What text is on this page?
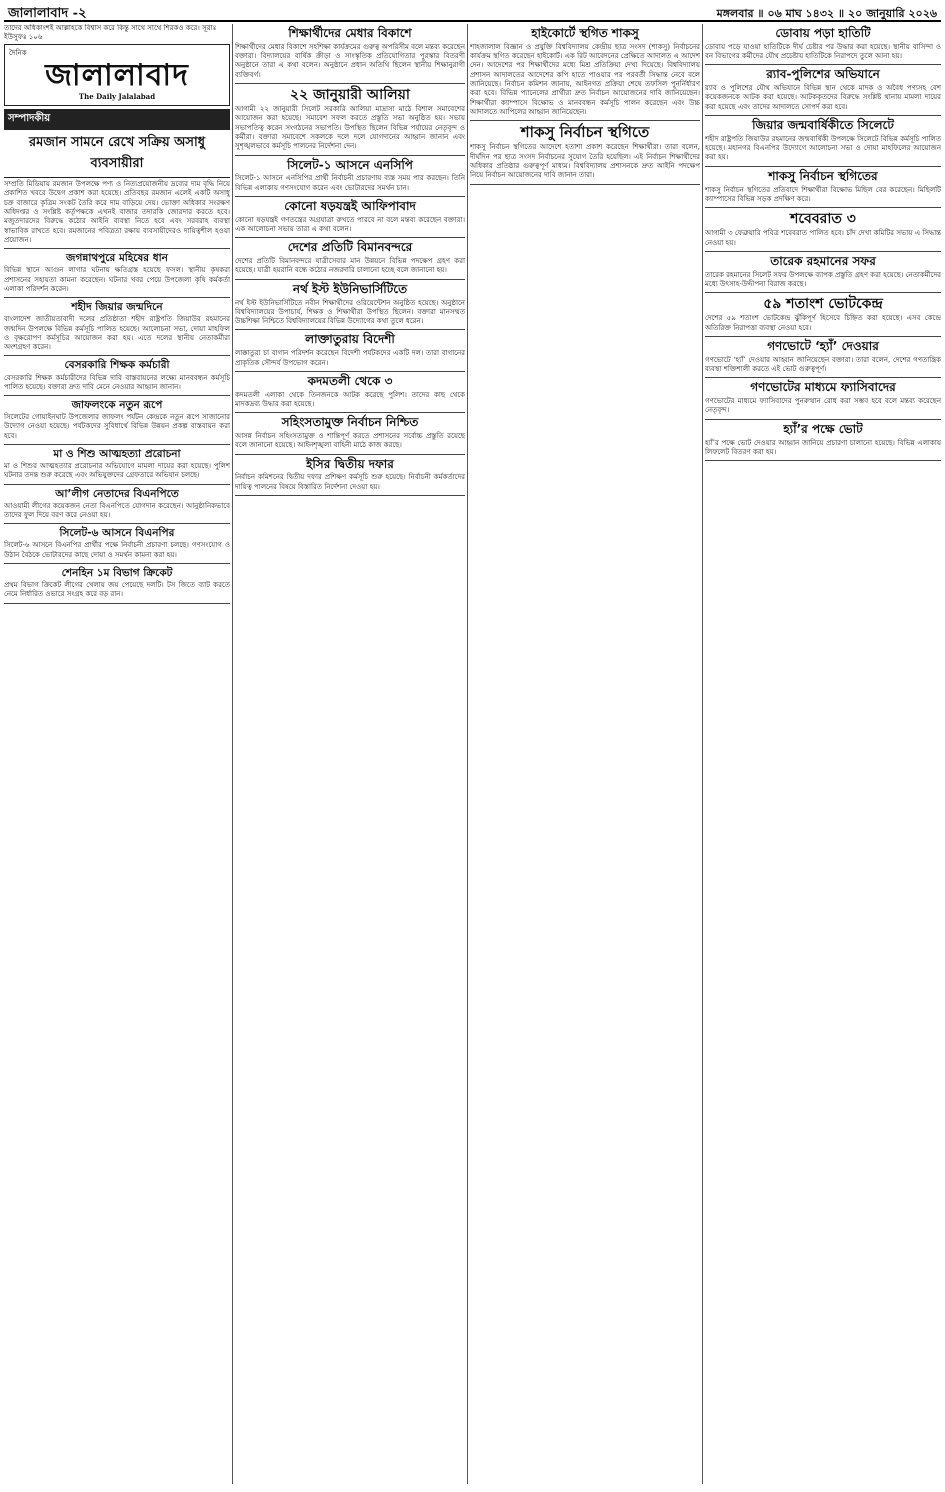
জালালাবাদ -২	মঙ্গলবার ॥ ০৬ মাঘ ১৪৩২ ॥ ২০ জানুয়ারি ২০২৬
তাদের অধিকাংশই আল্লাহকে বিশ্বাস করে কিন্তু সাথে সাথে শিরকও করে। সূরাঃ ইউসুফঃ ১০৬
দৈনিক
জালালাবাদ
The Daily Jalalabad
সম্পাদকীয়
রমজান সামনে রেখে সক্রিয় অসাধু ব্যবসায়ীরা
সম্প্রতি মিডিয়ায় রমজান উপলক্ষে পণ্য ও নিত্যপ্রয়োজনীয় দ্রব্যের দাম বৃদ্ধি নিয়ে প্রকাশিত খবরে উদ্বেগ প্রকাশ করা হয়েছে। প্রতিবছর রমজান এলেই একটি অসাধু চক্র বাজারে কৃত্রিম সংকট তৈরি করে দাম বাড়িয়ে দেয়। ভোক্তা অধিকার সংরক্ষণ অধিদপ্তর ও সংশ্লিষ্ট কর্তৃপক্ষকে এখনই বাজার তদারকি জোরদার করতে হবে। মজুতদারদের বিরুদ্ধে কঠোর আইনি ব্যবস্থা নিতে হবে এবং সরবরাহ ব্যবস্থা স্বাভাবিক রাখতে হবে। রমজানের পবিত্রতা রক্ষায় ব্যবসায়ীদেরও দায়িত্বশীল হওয়া প্রয়োজন।
জগন্নাথপুরে মহিষের ধান
বিভিন্ন স্থানে আগুন লাগার ঘটনায় ক্ষতিগ্রস্ত হয়েছে ফসল। স্থানীয় কৃষকরা প্রশাসনের সহায়তা কামনা করেছেন। ঘটনার খবর পেয়ে উপজেলা কৃষি কর্মকর্তা এলাকা পরিদর্শন করেন।
শহীদ জিয়ার জন্মদিনে
বাংলাদেশ জাতীয়তাবাদী দলের প্রতিষ্ঠাতা শহীদ রাষ্ট্রপতি জিয়াউর রহমানের জন্মদিন উপলক্ষে বিভিন্ন কর্মসূচি পালিত হয়েছে। আলোচনা সভা, দোয়া মাহফিল ও বৃক্ষরোপণ কর্মসূচির আয়োজন করা হয়। এতে দলের স্থানীয় নেতাকর্মীরা অংশগ্রহণ করেন।
বেসরকারি শিক্ষক কর্মচারী
বেসরকারি শিক্ষক কর্মচারীদের বিভিন্ন দাবি বাস্তবায়নের লক্ষ্যে মানববন্ধন কর্মসূচি পালিত হয়েছে। বক্তারা দ্রুত দাবি মেনে নেওয়ার আহ্বান জানান।
জাফলংকে নতুন রূপে
সিলেটের গোয়াইনঘাট উপজেলার জাফলং পর্যটন কেন্দ্রকে নতুন রূপে সাজানোর উদ্যোগ নেওয়া হয়েছে। পর্যটকদের সুবিধার্থে বিভিন্ন উন্নয়ন প্রকল্প বাস্তবায়ন করা হবে।
মা ও শিশু আত্মহত্যা প্ররোচনা
মা ও শিশুর আত্মহত্যার প্ররোচনার অভিযোগে মামলা দায়ের করা হয়েছে। পুলিশ ঘটনার তদন্ত শুরু করেছে এবং অভিযুক্তদের গ্রেফতারে অভিযান চলছে।
আ’লীগ নেতাদের বিএনপিতে
আওয়ামী লীগের কয়েকজন নেতা বিএনপিতে যোগদান করেছেন। আনুষ্ঠানিকভাবে তাদের ফুল দিয়ে বরণ করে নেওয়া হয়।
সিলেট-৬ আসনে বিএনপির
সিলেট-৬ আসনে বিএনপির প্রার্থীর পক্ষে নির্বাচনী প্রচারণা চলছে। গণসংযোগ ও উঠান বৈঠকে ভোটারদের কাছে দোয়া ও সমর্থন কামনা করা হয়।
শেনহিন ১ম বিভাগ ক্রিকেট
প্রথম বিভাগ ক্রিকেট লীগের খেলায় জয় পেয়েছে দলটি। টস জিতে ব্যাট করতে নেমে নির্ধারিত ওভারে সংগ্রহ করে বড় রান।
শিক্ষার্থীদের মেধার বিকাশে
শিক্ষার্থীদের মেধার বিকাশে সহশিক্ষা কার্যক্রমের গুরুত্ব অপরিসীম বলে মন্তব্য করেছেন বক্তারা। বিদ্যালয়ের বার্ষিক ক্রীড়া ও সাংস্কৃতিক প্রতিযোগিতার পুরস্কার বিতরণী অনুষ্ঠানে তারা এ কথা বলেন। অনুষ্ঠানে প্রধান অতিথি ছিলেন স্থানীয় শিক্ষানুরাগী ব্যক্তিবর্গ।
২২ জানুয়ারী আলিয়া
আগামী ২২ জানুয়ারী সিলেট সরকারি আলিয়া মাদ্রাসা মাঠে বিশাল সমাবেশের আয়োজন করা হয়েছে। সমাবেশ সফল করতে প্রস্তুতি সভা অনুষ্ঠিত হয়। সভায় সভাপতিত্ব করেন সংগঠনের সভাপতি। উপস্থিত ছিলেন বিভিন্ন পর্যায়ের নেতৃবৃন্দ ও কর্মীরা। বক্তারা সমাবেশে সকলকে দলে দলে যোগদানের আহ্বান জানান এবং সুশৃঙ্খলভাবে কর্মসূচি পালনের নির্দেশনা দেন।
সিলেট-১ আসনে এনসিপি
সিলেট-১ আসনে এনসিপির প্রার্থী নির্বাচনী প্রচারণায় ব্যস্ত সময় পার করছেন। তিনি বিভিন্ন এলাকায় গণসংযোগ করেন এবং ভোটারদের সমর্থন চান।
কোনো ষড়যন্ত্রই আফিপাবাদ
কোনো ষড়যন্ত্রই গণতন্ত্রের অগ্রযাত্রা রুখতে পারবে না বলে মন্তব্য করেছেন বক্তারা। এক আলোচনা সভায় তারা এ কথা বলেন।
দেশের প্রতিটি বিমানবন্দরে
দেশের প্রতিটি বিমানবন্দরে যাত্রীসেবার মান উন্নয়নে বিভিন্ন পদক্ষেপ গ্রহণ করা হয়েছে। যাত্রী হয়রানি বন্ধে কঠোর নজরদারি চালানো হচ্ছে বলে জানানো হয়।
নর্থ ইস্ট ইউনিভার্সিটিতে
নর্থ ইস্ট ইউনিভার্সিটিতে নবীন শিক্ষার্থীদের ওরিয়েন্টেশন অনুষ্ঠিত হয়েছে। অনুষ্ঠানে বিশ্ববিদ্যালয়ের উপাচার্য, শিক্ষক ও শিক্ষার্থীরা উপস্থিত ছিলেন। বক্তারা মানসম্মত উচ্চশিক্ষা নিশ্চিতে বিশ্ববিদ্যালয়ের বিভিন্ন উদ্যোগের কথা তুলে ধরেন।
লাক্তাতুরায় বিদেশী
লাক্কাতুরা চা বাগান পরিদর্শন করেছেন বিদেশী পর্যটকদের একটি দল। তারা বাগানের প্রাকৃতিক সৌন্দর্য উপভোগ করেন।
কদমতলী থেকে ৩
কদমতলী এলাকা থেকে তিনজনকে আটক করেছে পুলিশ। তাদের কাছ থেকে মাদকদ্রব্য উদ্ধার করা হয়েছে।
সহিংসতামুক্ত নির্বাচন নিশ্চিত
আসন্ন নির্বাচন সহিংসতামুক্ত ও শান্তিপূর্ণ করতে প্রশাসনের সর্বোচ্চ প্রস্তুতি রয়েছে বলে জানানো হয়েছে। আইনশৃঙ্খলা বাহিনী মাঠে কাজ করছে।
ইসির দ্বিতীয় দফার
নির্বাচন কমিশনের দ্বিতীয় দফার প্রশিক্ষণ কর্মসূচি শুরু হয়েছে। নির্বাচনী কর্মকর্তাদের দায়িত্ব পালনের বিষয়ে বিস্তারিত নির্দেশনা দেওয়া হয়।
হাইকোর্টে স্থগিত শাকসু
শাহজালাল বিজ্ঞান ও প্রযুক্তি বিশ্ববিদ্যালয় কেন্দ্রীয় ছাত্র সংসদ (শাকসু) নির্বাচনের কার্যক্রম স্থগিত করেছেন হাইকোর্ট। এক রিট আবেদনের প্রেক্ষিতে আদালত এ আদেশ দেন। আদেশের পর শিক্ষার্থীদের মধ্যে মিশ্র প্রতিক্রিয়া দেখা দিয়েছে। বিশ্ববিদ্যালয় প্রশাসন আদালতের আদেশের কপি হাতে পাওয়ার পর পরবর্তী সিদ্ধান্ত নেবে বলে জানিয়েছে। নির্বাচন কমিশন জানায়, আইনগত প্রক্রিয়া শেষে তফসিল পুনর্নির্ধারণ করা হবে। বিভিন্ন প্যানেলের প্রার্থীরা দ্রুত নির্বাচন আয়োজনের দাবি জানিয়েছেন। শিক্ষার্থীরা ক্যাম্পাসে বিক্ষোভ ও মানববন্ধন কর্মসূচি পালন করেছেন এবং উচ্চ আদালতে আপিলের আহ্বান জানিয়েছেন।
শাকসু নির্বাচন স্থগিতে
শাকসু নির্বাচন স্থগিতের আদেশে হতাশা প্রকাশ করেছেন শিক্ষার্থীরা। তারা বলেন, দীর্ঘদিন পর ছাত্র সংসদ নির্বাচনের সুযোগ তৈরি হয়েছিল। এই নির্বাচন শিক্ষার্থীদের অধিকার প্রতিষ্ঠার গুরুত্বপূর্ণ মাধ্যম। বিশ্ববিদ্যালয় প্রশাসনকে দ্রুত আইনি পদক্ষেপ নিয়ে নির্বাচন আয়োজনের দাবি জানান তারা।
ডোবায় পড়া হাতিটি
ডোবায় পড়ে যাওয়া হাতিটিকে দীর্ঘ চেষ্টার পর উদ্ধার করা হয়েছে। স্থানীয় বাসিন্দা ও বন বিভাগের কর্মীদের যৌথ প্রচেষ্টায় হাতিটিকে নিরাপদে তুলে আনা হয়।
র‌্যাব-পুলিশের অভিযানে
র‌্যাব ও পুলিশের যৌথ অভিযানে বিভিন্ন স্থান থেকে মাদক ও অবৈধ পণ্যসহ বেশ কয়েকজনকে আটক করা হয়েছে। আটককৃতদের বিরুদ্ধে সংশ্লিষ্ট থানায় মামলা দায়ের করা হয়েছে এবং তাদের আদালতে সোপর্দ করা হবে।
জিয়ার জন্মবার্ষিকীতে সিলেটে
শহীদ রাষ্ট্রপতি জিয়াউর রহমানের জন্মবার্ষিকী উপলক্ষে সিলেটে বিভিন্ন কর্মসূচি পালিত হয়েছে। মহানগর বিএনপির উদ্যোগে আলোচনা সভা ও দোয়া মাহফিলের আয়োজন করা হয়।
শাকসু নির্বাচন স্থগিতের
শাকসু নির্বাচন স্থগিতের প্রতিবাদে শিক্ষার্থীরা বিক্ষোভ মিছিল বের করেছেন। মিছিলটি ক্যাম্পাসের বিভিন্ন সড়ক প্রদক্ষিণ করে।
শবেবরাত ৩
আগামী ৩ ফেব্রুয়ারি পবিত্র শবেবরাত পালিত হবে। চাঁদ দেখা কমিটির সভায় এ সিদ্ধান্ত নেওয়া হয়।
তারেক রহমানের সফর
তারেক রহমানের সিলেট সফর উপলক্ষে ব্যাপক প্রস্তুতি গ্রহণ করা হয়েছে। নেতাকর্মীদের মধ্যে উৎসাহ-উদ্দীপনা বিরাজ করছে।
৫৯ শতাংশ ভোটকেন্দ্র
দেশের ৫৯ শতাংশ ভোটকেন্দ্র ঝুঁকিপূর্ণ হিসেবে চিহ্নিত করা হয়েছে। এসব কেন্দ্রে অতিরিক্ত নিরাপত্তা ব্যবস্থা নেওয়া হবে।
গণভোটে ‘হ্যাঁ’ দেওয়ার
গণভোটে ‘হ্যাঁ’ দেওয়ার আহ্বান জানিয়েছেন বক্তারা। তারা বলেন, দেশের গণতান্ত্রিক ব্যবস্থা শক্তিশালী করতে এই ভোট গুরুত্বপূর্ণ।
গণভোটের মাধ্যমে ফ্যাসিবাদের
গণভোটের মাধ্যমে ফ্যাসিবাদের পুনরুত্থান রোধ করা সম্ভব হবে বলে মন্তব্য করেছেন নেতৃবৃন্দ।
হ্যাঁ’র পক্ষে ভোট
হ্যাঁ’র পক্ষে ভোট দেওয়ার আহ্বান জানিয়ে প্রচারণা চালানো হয়েছে। বিভিন্ন এলাকায় লিফলেট বিতরণ করা হয়।
